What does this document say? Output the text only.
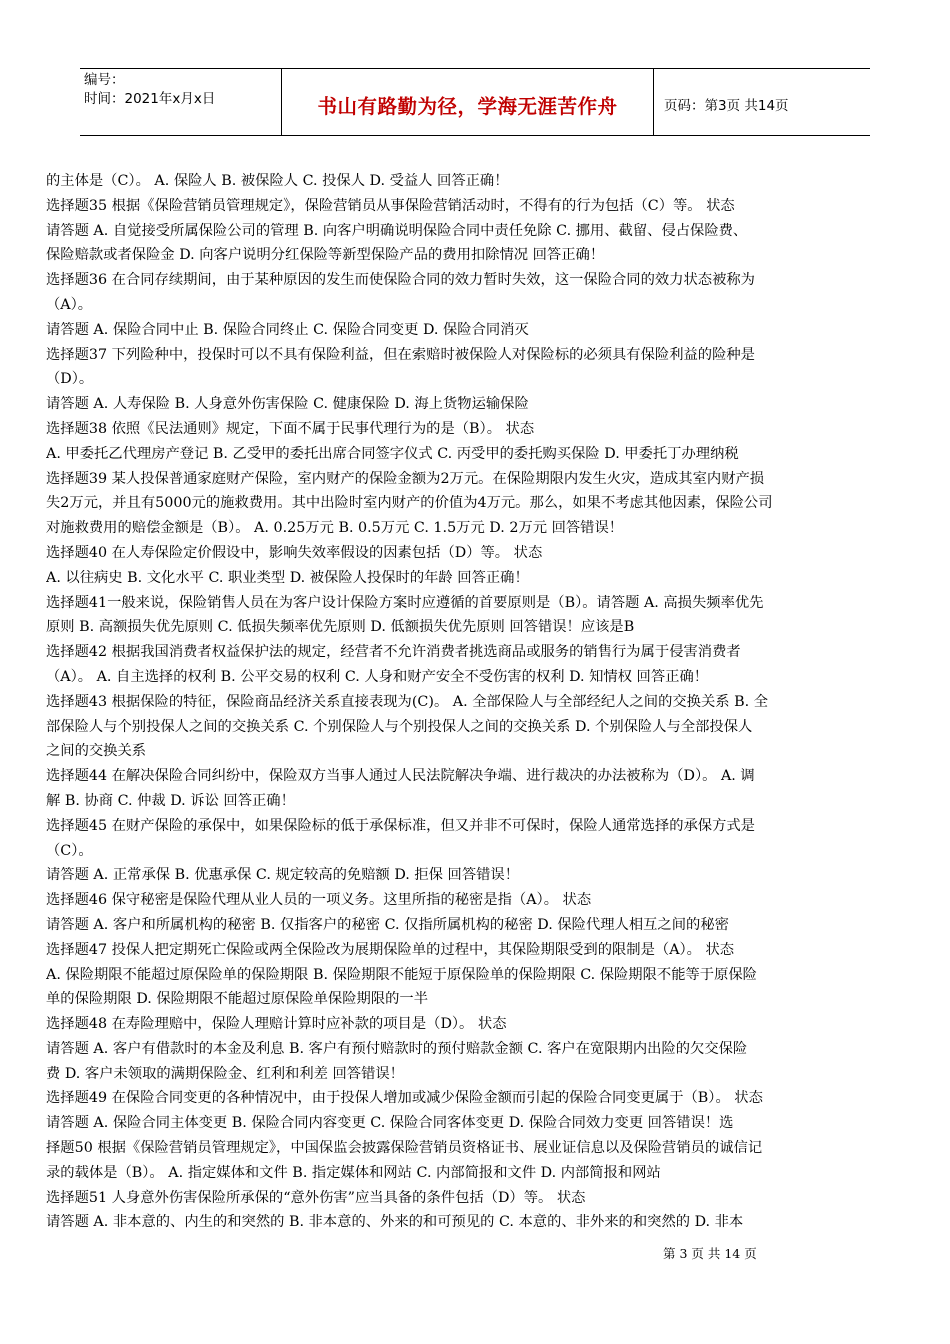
编号：
时间：2021年x月x日	书山有路勤为径，学海无涯苦作舟	页码：第3页 共14页
的主体是（C）。 A. 保险人 B. 被保险人 C. 投保人 D. 受益人 回答正确！
选择题35 根据《保险营销员管理规定》，保险营销员从事保险营销活动时，不得有的行为包括（C）等。 状态
请答题 A. 自觉接受所属保险公司的管理 B. 向客户明确说明保险合同中责任免除 C. 挪用、截留、侵占保险费、
保险赔款或者保险金 D. 向客户说明分红保险等新型保险产品的费用扣除情况 回答正确！
选择题36 在合同存续期间，由于某种原因的发生而使保险合同的效力暂时失效，这一保险合同的效力状态被称为
（A）。
请答题 A. 保险合同中止 B. 保险合同终止 C. 保险合同变更 D. 保险合同消灭
选择题37 下列险种中，投保时可以不具有保险利益，但在索赔时被保险人对保险标的必须具有保险利益的险种是
（D）。
请答题 A. 人寿保险 B. 人身意外伤害保险 C. 健康保险 D. 海上货物运输保险
选择题38 依照《民法通则》规定，下面不属于民事代理行为的是（B）。 状态
A. 甲委托乙代理房产登记 B. 乙受甲的委托出席合同签字仪式 C. 丙受甲的委托购买保险 D. 甲委托丁办理纳税
选择题39 某人投保普通家庭财产保险，室内财产的保险金额为2万元。在保险期限内发生火灾，造成其室内财产损
失2万元，并且有5000元的施救费用。其中出险时室内财产的价值为4万元。那么，如果不考虑其他因素，保险公司
对施救费用的赔偿金额是（B）。 A. 0.25万元 B. 0.5万元 C. 1.5万元 D. 2万元 回答错误！
选择题40 在人寿保险定价假设中，影响失效率假设的因素包括（D）等。 状态
A. 以往病史 B. 文化水平 C. 职业类型 D. 被保险人投保时的年龄 回答正确！
选择题41一般来说，保险销售人员在为客户设计保险方案时应遵循的首要原则是（B）。请答题 A. 高损失频率优先
原则 B. 高额损失优先原则 C. 低损失频率优先原则 D. 低额损失优先原则 回答错误！应该是B
选择题42 根据我国消费者权益保护法的规定，经营者不允许消费者挑选商品或服务的销售行为属于侵害消费者
（A）。 A. 自主选择的权利 B. 公平交易的权利 C. 人身和财产安全不受伤害的权利 D. 知情权 回答正确！
选择题43 根据保险的特征，保险商品经济关系直接表现为(C)。 A. 全部保险人与全部经纪人之间的交换关系 B. 全
部保险人与个别投保人之间的交换关系 C. 个别保险人与个别投保人之间的交换关系 D. 个别保险人与全部投保人
之间的交换关系
选择题44 在解决保险合同纠纷中，保险双方当事人通过人民法院解决争端、进行裁决的办法被称为（D）。 A. 调
解 B. 协商 C. 仲裁 D. 诉讼 回答正确！
选择题45 在财产保险的承保中，如果保险标的低于承保标准，但又并非不可保时，保险人通常选择的承保方式是
（C）。
请答题 A. 正常承保 B. 优惠承保 C. 规定较高的免赔额 D. 拒保 回答错误！
选择题46 保守秘密是保险代理从业人员的一项义务。这里所指的秘密是指（A）。 状态
请答题 A. 客户和所属机构的秘密 B. 仅指客户的秘密 C. 仅指所属机构的秘密 D. 保险代理人相互之间的秘密
选择题47 投保人把定期死亡保险或两全保险改为展期保险单的过程中，其保险期限受到的限制是（A）。 状态
A. 保险期限不能超过原保险单的保险期限 B. 保险期限不能短于原保险单的保险期限 C. 保险期限不能等于原保险
单的保险期限 D. 保险期限不能超过原保险单保险期限的一半
选择题48 在寿险理赔中，保险人理赔计算时应补款的项目是（D）。 状态
请答题 A. 客户有借款时的本金及利息 B. 客户有预付赔款时的预付赔款金额 C. 客户在宽限期内出险的欠交保险
费 D. 客户未领取的满期保险金、红利和利差 回答错误！
选择题49 在保险合同变更的各种情况中，由于投保人增加或减少保险金额而引起的保险合同变更属于（B）。 状态
请答题 A. 保险合同主体变更 B. 保险合同内容变更 C. 保险合同客体变更 D. 保险合同效力变更 回答错误！选
择题50 根据《保险营销员管理规定》，中国保监会披露保险营销员资格证书、展业证信息以及保险营销员的诚信记
录的载体是（B）。 A. 指定媒体和文件 B. 指定媒体和网站 C. 内部简报和文件 D. 内部简报和网站
选择题51 人身意外伤害保险所承保的“意外伤害”应当具备的条件包括（D）等。 状态
请答题 A. 非本意的、内生的和突然的 B. 非本意的、外来的和可预见的 C. 本意的、非外来的和突然的 D. 非本
第 3 页 共 14 页
